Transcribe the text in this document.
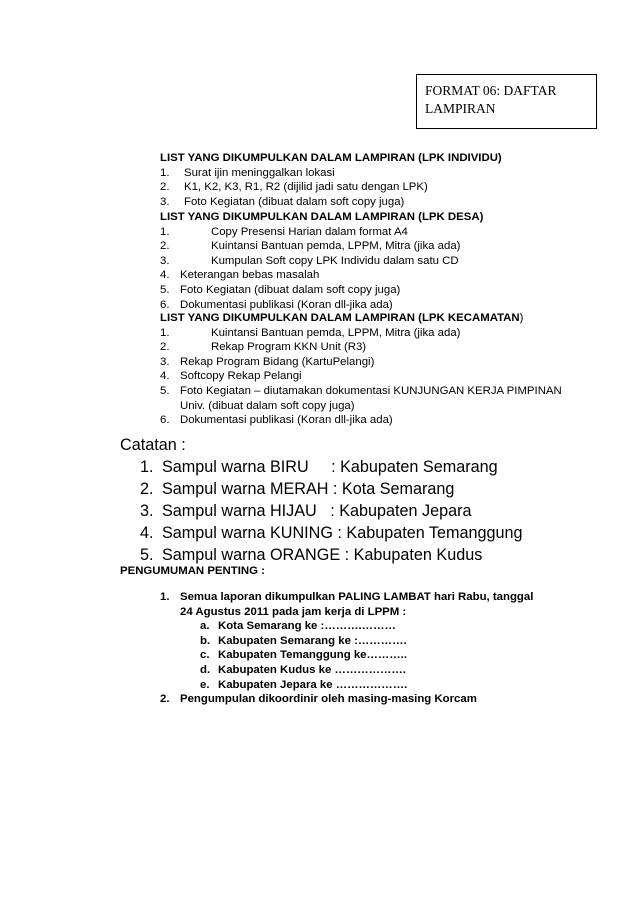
FORMAT 06: DAFTAR
LAMPIRAN
LIST YANG DIKUMPULKAN DALAM LAMPIRAN (LPK INDIVIDU)
1.	Surat ijin meninggalkan lokasi
2.	K1, K2, K3, R1, R2 (dijilid jadi satu dengan LPK)
3.	Foto Kegiatan (dibuat dalam soft copy juga)
LIST YANG DIKUMPULKAN DALAM LAMPIRAN (LPK DESA)
1.	Copy Presensi Harian dalam format A4
2.	Kuintansi Bantuan pemda, LPPM, Mitra (jika ada)
3.	Kumpulan Soft copy LPK Individu dalam satu CD
4. Keterangan bebas masalah
5. Foto Kegiatan (dibuat dalam soft copy juga)
6. Dokumentasi publikasi (Koran dll-jika ada)
LIST YANG DIKUMPULKAN DALAM LAMPIRAN (LPK KECAMATAN)
1.	Kuintansi Bantuan pemda, LPPM, Mitra (jika ada)
2.	Rekap Program KKN Unit (R3)
3. Rekap Program Bidang (KartuPelangi)
4. Softcopy Rekap Pelangi
5. Foto Kegiatan – diutamakan dokumentasi KUNJUNGAN KERJA PIMPINAN Univ. (dibuat dalam soft copy juga)
6. Dokumentasi publikasi (Koran dll-jika ada)
Catatan :
1. Sampul warna BIRU     : Kabupaten Semarang
2. Sampul warna MERAH : Kota Semarang
3. Sampul warna HIJAU   : Kabupaten Jepara
4. Sampul warna KUNING : Kabupaten Temanggung
5. Sampul warna ORANGE : Kabupaten Kudus
PENGUMUMAN PENTING :
1. Semua laporan dikumpulkan PALING LAMBAT hari Rabu, tanggal 24 Agustus 2011 pada jam kerja di LPPM :
a. Kota Semarang ke :……….………
b. Kabupaten Semarang ke :………….
c. Kabupaten Temanggung ke………..
d. Kabupaten Kudus ke ……………….
e. Kabupaten Jepara ke ……………….
2. Pengumpulan dikoordinir oleh masing-masing Korcam
